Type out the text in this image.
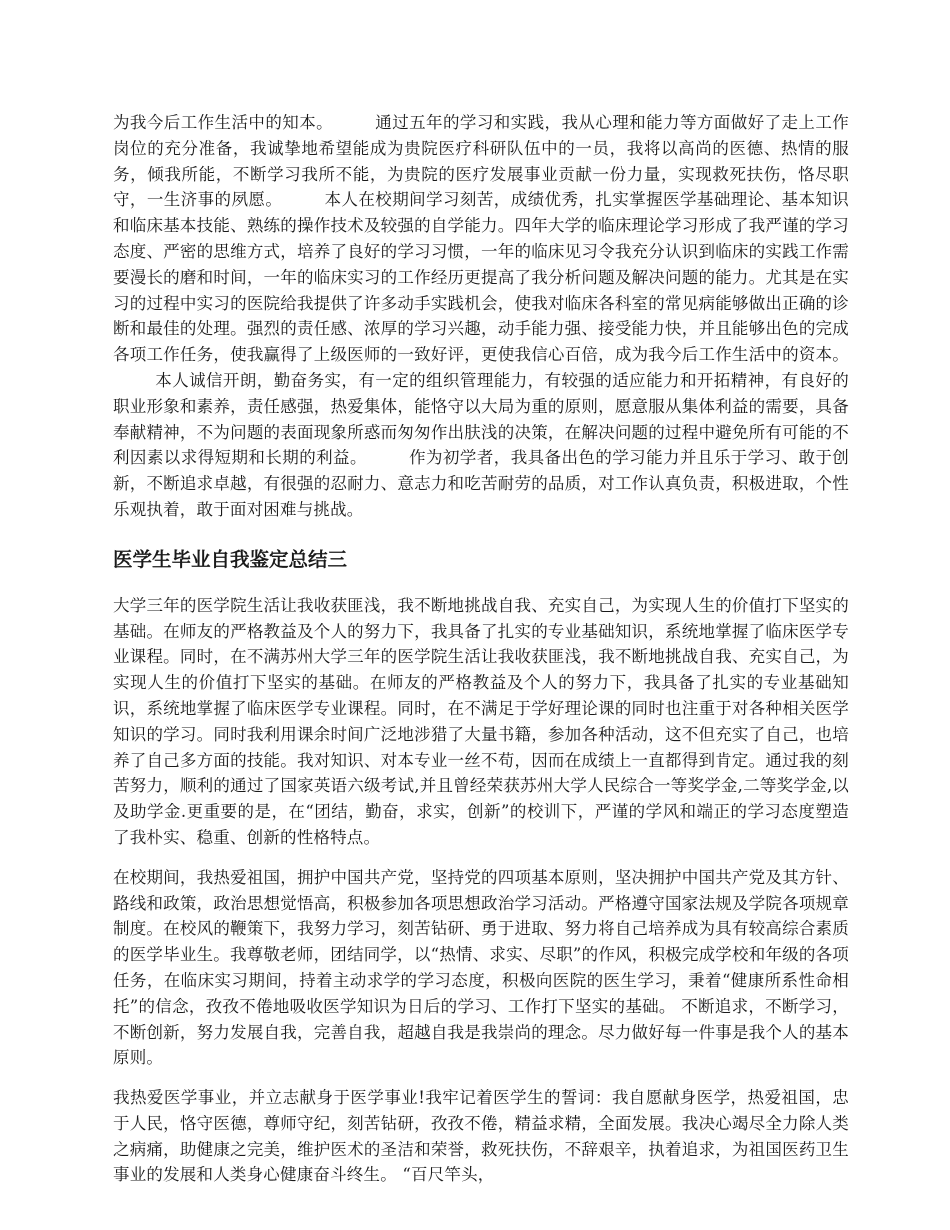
为我今后工作生活中的知本。	通过五年的学习和实践，我从心理和能力等方面做好了走上工作岗位的充分准备，我诚挚地希望能成为贵院医疗科研队伍中的一员，我将以高尚的医德、热情的服务，倾我所能，不断学习我所不能，为贵院的医疗发展事业贡献一份力量，实现救死扶伤，恪尽职守，一生济事的夙愿。	本人在校期间学习刻苦，成绩优秀，扎实掌握医学基础理论、基本知识和临床基本技能、熟练的操作技术及较强的自学能力。四年大学的临床理论学习形成了我严谨的学习态度、严密的思维方式，培养了良好的学习习惯，一年的临床见习令我充分认识到临床的实践工作需要漫长的磨和时间，一年的临床实习的工作经历更提高了我分析问题及解决问题的能力。尤其是在实习的过程中实习的医院给我提供了许多动手实践机会，使我对临床各科室的常见病能够做出正确的诊断和最佳的处理。强烈的责任感、浓厚的学习兴趣，动手能力强、接受能力快，并且能够出色的完成各项工作任务，使我赢得了上级医师的一致好评，更使我信心百倍，成为我今后工作生活中的资本。本人诚信开朗，勤奋务实，有一定的组织管理能力，有较强的适应能力和开拓精神，有良好的职业形象和素养，责任感强，热爱集体，能恪守以大局为重的原则，愿意服从集体利益的需要，具备奉献精神，不为问题的表面现象所惑而匆匆作出肤浅的决策，在解决问题的过程中避免所有可能的不利因素以求得短期和长期的利益。	作为初学者，我具备出色的学习能力并且乐于学习、敢于创新，不断追求卓越，有很强的忍耐力、意志力和吃苦耐劳的品质，对工作认真负责，积极进取，个性乐观执着，敢于面对困难与挑战。

医学生毕业自我鉴定总结三

大学三年的医学院生活让我收获匪浅，我不断地挑战自我、充实自己，为实现人生的价值打下坚实的基础。在师友的严格教益及个人的努力下，我具备了扎实的专业基础知识，系统地掌握了临床医学专业课程。同时，在不满苏州大学三年的医学院生活让我收获匪浅，我不断地挑战自我、充实自己，为实现人生的价值打下坚实的基础。在师友的严格教益及个人的努力下，我具备了扎实的专业基础知识，系统地掌握了临床医学专业课程。同时，在不满足于学好理论课的同时也注重于对各种相关医学知识的学习。同时我利用课余时间广泛地涉猎了大量书籍，参加各种活动，这不但充实了自己，也培养了自己多方面的技能。我对知识、对本专业一丝不苟，因而在成绩上一直都得到肯定。通过我的刻苦努力，顺利的通过了国家英语六级考试,并且曾经荣获苏州大学人民综合一等奖学金,二等奖学金,以及助学金.更重要的是，在“团结，勤奋，求实，创新”的校训下，严谨的学风和端正的学习态度塑造了我朴实、稳重、创新的性格特点。

在校期间，我热爱祖国，拥护中国共产党，坚持党的四项基本原则，坚决拥护中国共产党及其方针、路线和政策，政治思想觉悟高，积极参加各项思想政治学习活动。严格遵守国家法规及学院各项规章制度。在校风的鞭策下，我努力学习，刻苦钻研、勇于进取、努力将自己培养成为具有较高综合素质的医学毕业生。我尊敬老师，团结同学，以“热情、求实、尽职”的作风，积极完成学校和年级的各项任务，在临床实习期间，持着主动求学的学习态度，积极向医院的医生学习，秉着“健康所系性命相托”的信念，孜孜不倦地吸收医学知识为日后的学习、工作打下坚实的基础。 不断追求，不断学习，不断创新，努力发展自我，完善自我，超越自我是我崇尚的理念。尽力做好每一件事是我个人的基本原则。

我热爱医学事业，并立志献身于医学事业!我牢记着医学生的誓词：我自愿献身医学，热爱祖国，忠于人民，恪守医德，尊师守纪，刻苦钻研，孜孜不倦，精益求精，全面发展。我决心竭尽全力除人类之病痛，助健康之完美，维护医术的圣洁和荣誉，救死扶伤，不辞艰辛，执着追求，为祖国医药卫生事业的发展和人类身心健康奋斗终生。 “百尺竿头，
